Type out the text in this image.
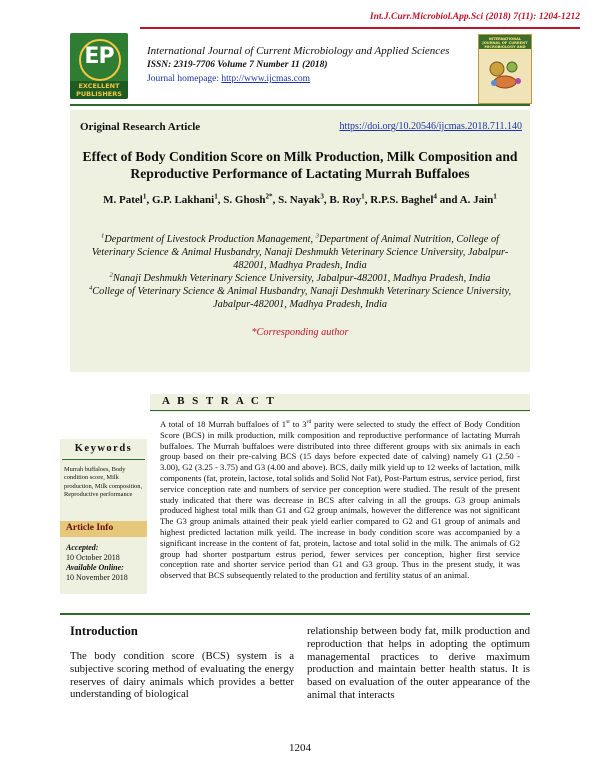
Int.J.Curr.Microbiol.App.Sci (2018) 7(11): 1204-1212
EP
EXCELLENT PUBLISHERS
International Journal of Current Microbiology and Applied Sciences
ISSN: 2319-7706 Volume 7 Number 11 (2018)
Journal homepage: http://www.ijcmas.com
INTERNATIONAL JOURNAL OF CURRENT MICROBIOLOGY AND APPLIED SCIENCES
Original Research Article	https://doi.org/10.20546/ijcmas.2018.711.140
Effect of Body Condition Score on Milk Production, Milk Composition and Reproductive Performance of Lactating Murrah Buffaloes
M. Patel$^1$, G.P. Lakhani$^1$, S. Ghosh$^{2*}$, S. Nayak$^3$, B. Roy$^1$, R.P.S. Baghel$^4$ and A. Jain$^1$

$^1$Department of Livestock Production Management, $^3$Department of Animal Nutrition, College of Veterinary Science & Animal Husbandry, Nanaji Deshmukh Veterinary Science University, Jabalpur-482001, Madhya Pradesh, India

$^2$Nanaji Deshmukh Veterinary Science University, Jabalpur-482001, Madhya Pradesh, India

$^4$College of Veterinary Science & Animal Husbandry, Nanaji Deshmukh Veterinary Science University, Jabalpur-482001, Madhya Pradesh, India

*Corresponding author
A B S T R A C T
Keywords
Murrah buffaloes, Body condition score, Milk production, Milk composition, Reproductive performance
Article Info
Accepted:
10 October 2018
Available Online:
10 November 2018
A total of 18 Murrah buffaloes of 1st to 3rd parity were selected to study the effect of Body Condition Score (BCS) in milk production, milk composition and reproductive performance of lactating Murrah buffaloes. The Murrah buffaloes were distributed into three different groups with six animals in each group based on their pre-calving BCS (15 days before expected date of calving) namely G1 (2.50 - 3.00), G2 (3.25 - 3.75) and G3 (4.00 and above). BCS, daily milk yield up to 12 weeks of lactation, milk components (fat, protein, lactose, total solids and Solid Not Fat), Post-Partum estrus, service period, first service conception rate and numbers of service per conception were studied. The result of the present study indicated that there was decrease in BCS after calving in all the groups. G3 group animals produced highest total milk than G1 and G2 group animals, however the difference was not significant The G3 group animals attained their peak yield earlier compared to G2 and G1 group of animals and highest predicted lactation milk yeild. The increase in body condition score was accompanied by a significant increase in the content of fat, protein, lactose and total solid in the milk. The animals of G2 group had shorter postpartum estrus period, fewer services per conception, higher first service conception rate and shorter service period than G1 and G3 group. Thus in the present study, it was observed that BCS subsequently related to the production and fertility status of an animal.
Introduction
The body condition score (BCS) system is a subjective scoring method of evaluating the energy reserves of dairy animals which provides a better understanding of biological
relationship between body fat, milk production and reproduction that helps in adopting the optimum managemental practices to derive maximum production and maintain better health status. It is based on evaluation of the outer appearance of the animal that interacts
1204
